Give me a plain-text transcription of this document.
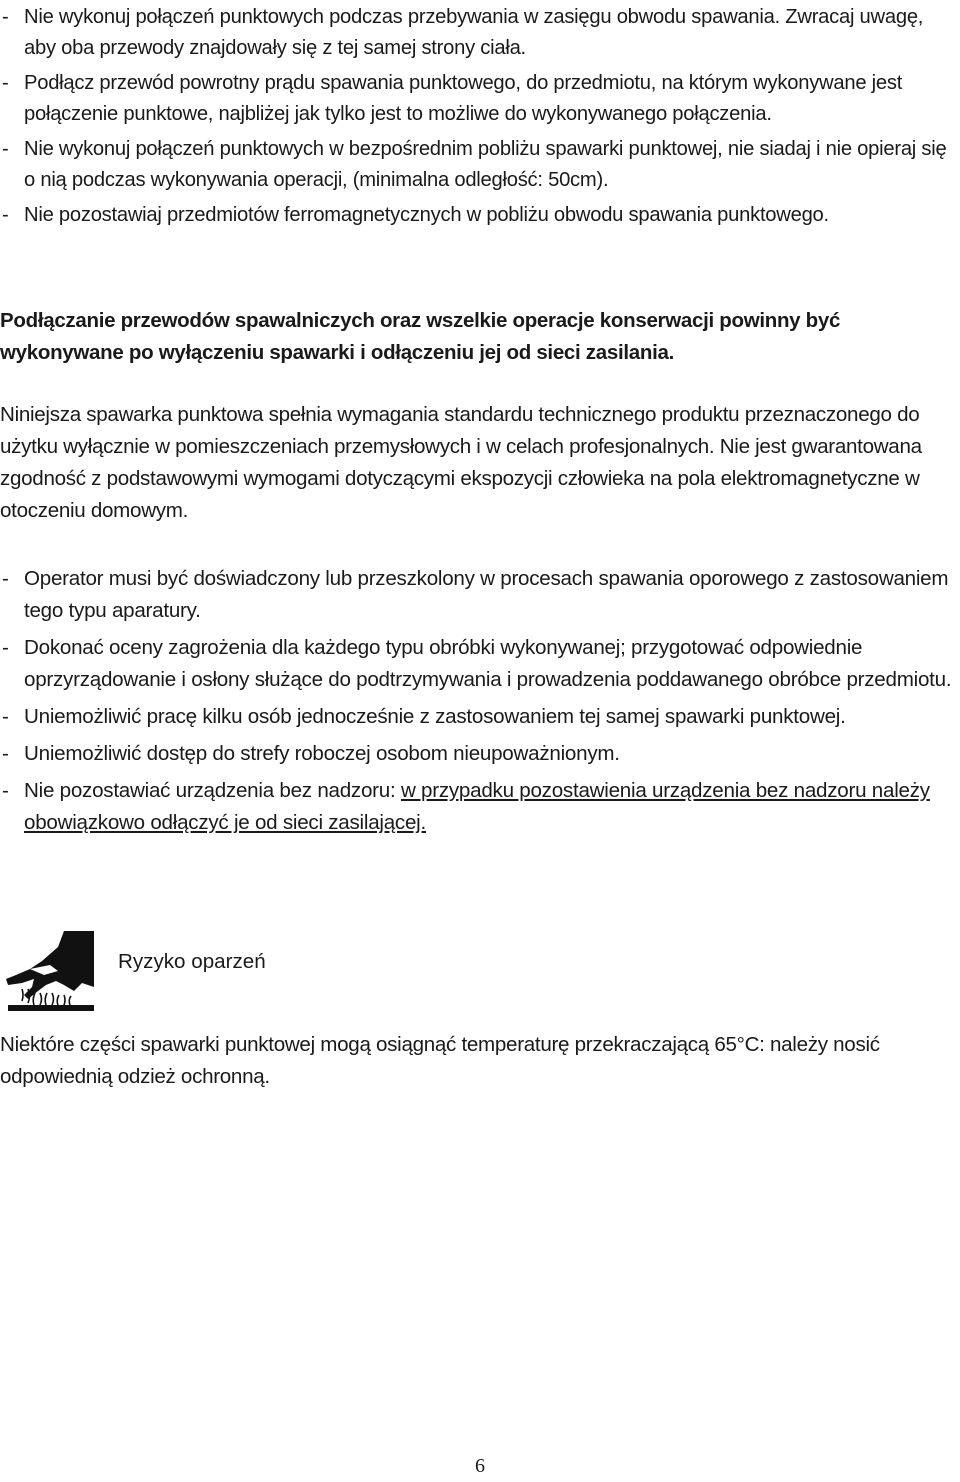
- Nie wykonuj połączeń punktowych podczas przebywania w zasięgu obwodu spawania. Zwracaj uwagę, aby oba przewody znajdowały się z tej samej strony ciała.
- Podłącz przewód powrotny prądu spawania punktowego, do przedmiotu, na którym wykonywane jest połączenie punktowe, najbliżej jak tylko jest to możliwe do wykonywanego połączenia.
- Nie wykonuj połączeń punktowych w bezpośrednim pobliżu spawarki punktowej, nie siadaj i nie opieraj się o nią podczas wykonywania operacji, (minimalna odległość: 50cm).
- Nie pozostawiaj przedmiotów ferromagnetycznych w pobliżu obwodu spawania punktowego.

Podłączanie przewodów spawalniczych oraz wszelkie operacje konserwacji powinny być wykonywane po wyłączeniu spawarki i odłączeniu jej od sieci zasilania.

Niniejsza spawarka punktowa spełnia wymagania standardu technicznego produktu przeznaczonego do użytku wyłącznie w pomieszczeniach przemysłowych i w celach profesjonalnych. Nie jest gwarantowana zgodność z podstawowymi wymogami dotyczącymi ekspozycji człowieka na pola elektromagnetyczne w otoczeniu domowym.

- Operator musi być doświadczony lub przeszkolony w procesach spawania oporowego z zastosowaniem tego typu aparatury.
- Dokonać oceny zagrożenia dla każdego typu obróbki wykonywanej; przygotować odpowiednie oprzyrządowanie i osłony służące do podtrzymywania i prowadzenia poddawanego obróbce przedmiotu.
- Uniemożliwić pracę kilku osób jednocześnie z zastosowaniem tej samej spawarki punktowej.
- Uniemożliwić dostęp do strefy roboczej osobom nieupoważnionym.
- Nie pozostawiać urządzenia bez nadzoru: w przypadku pozostawienia urządzenia bez nadzoru należy obowiązkowo odłączyć je od sieci zasilającej.

Ryzyko oparzeń

Niektóre części spawarki punktowej mogą osiągnąć temperaturę przekraczającą 65°C: należy nosić odpowiednią odzież ochronną.

6
